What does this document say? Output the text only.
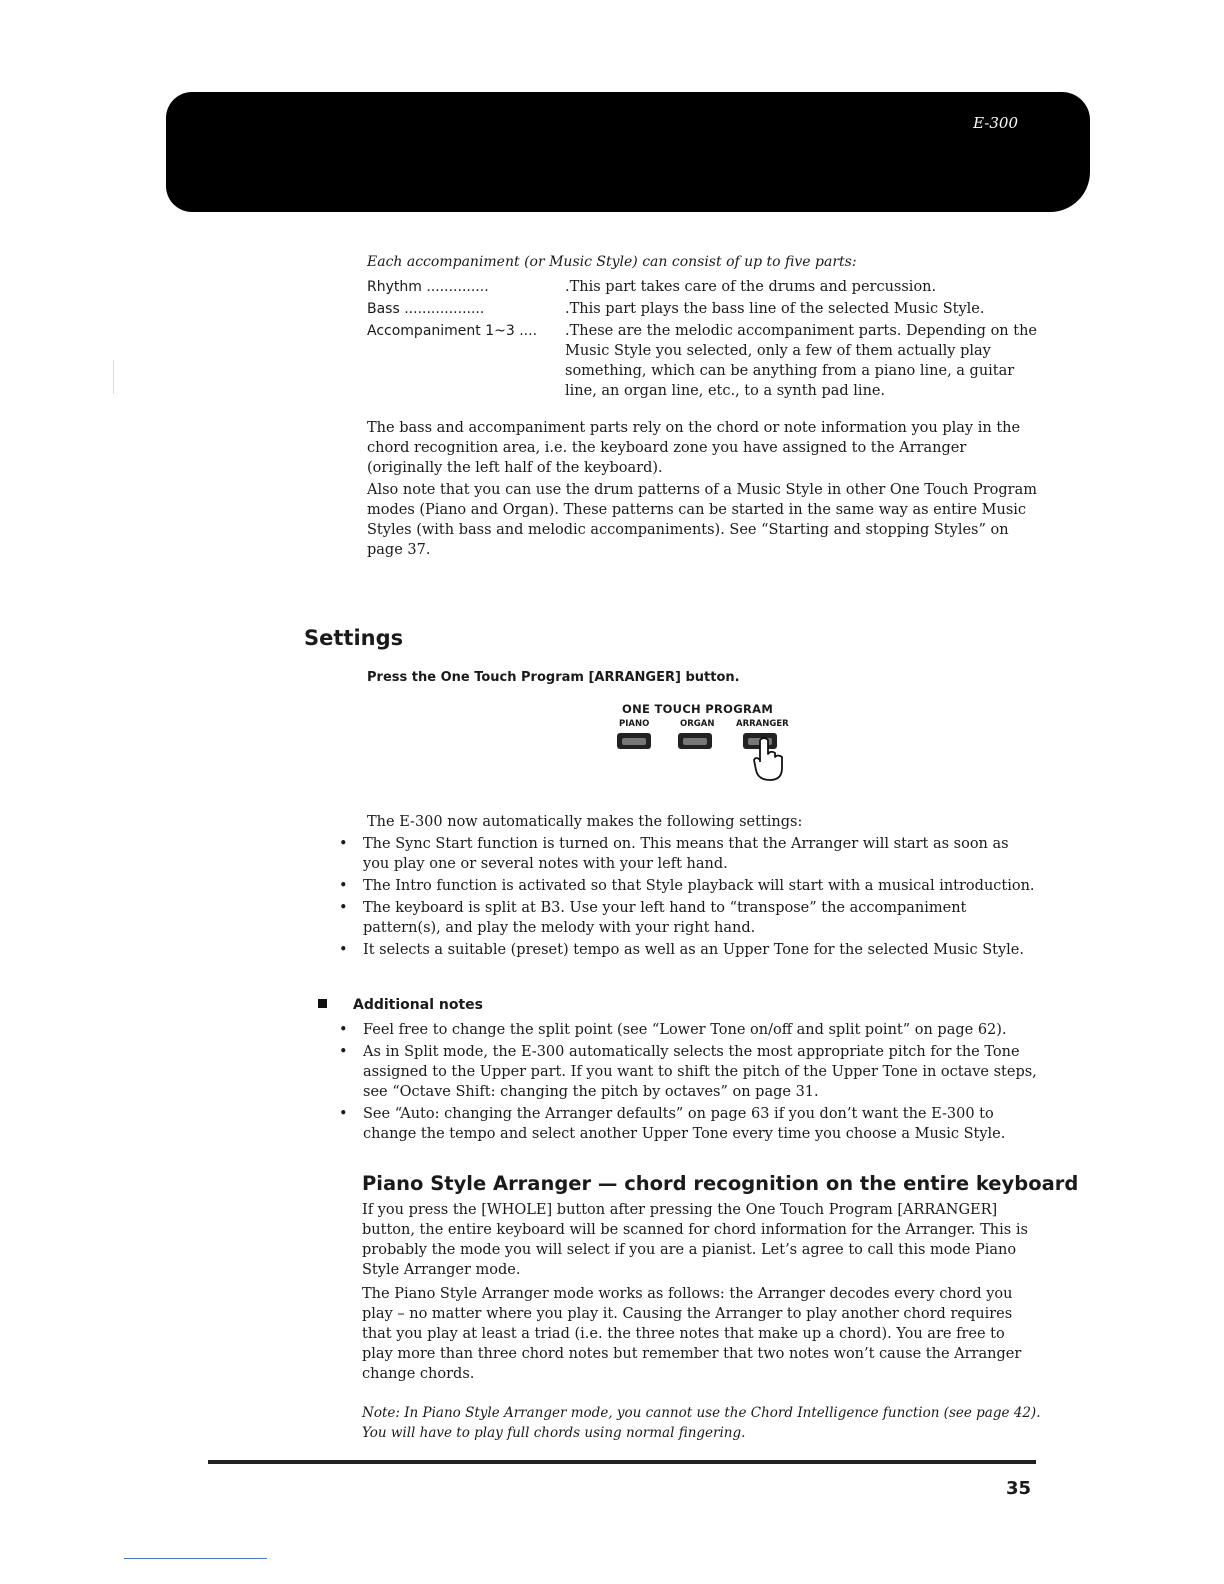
E-300
Each accompaniment (or Music Style) can consist of up to five parts:
Rhythm ..............	.This part takes care of the drums and percussion.
Bass ..................	.This part plays the bass line of the selected Music Style.
Accompaniment 1~3 ....	.These are the melodic accompaniment parts. Depending on the Music Style you selected, only a few of them actually play something, which can be anything from a piano line, a guitar line, an organ line, etc., to a synth pad line.

The bass and accompaniment parts rely on the chord or note information you play in the chord recognition area, i.e. the keyboard zone you have assigned to the Arranger (originally the left half of the keyboard).

Also note that you can use the drum patterns of a Music Style in other One Touch Program modes (Piano and Organ). These patterns can be started in the same way as entire Music Styles (with bass and melodic accompaniments). See “Starting and stopping Styles” on page 37.

Settings
Press the One Touch Program [ARRANGER] button.
ONE TOUCH PROGRAM
PIANO	ORGAN	ARRANGER

The E-300 now automatically makes the following settings:

• The Sync Start function is turned on. This means that the Arranger will start as soon as you play one or several notes with your left hand.
• The Intro function is activated so that Style playback will start with a musical introduction.
• The keyboard is split at B3. Use your left hand to “transpose” the accompaniment pattern(s), and play the melody with your right hand.
• It selects a suitable (preset) tempo as well as an Upper Tone for the selected Music Style.
Additional notes
• Feel free to change the split point (see “Lower Tone on/off and split point” on page 62).
• As in Split mode, the E-300 automatically selects the most appropriate pitch for the Tone assigned to the Upper part. If you want to shift the pitch of the Upper Tone in octave steps, see “Octave Shift: changing the pitch by octaves” on page 31.
• See “Auto: changing the Arranger defaults” on page 63 if you don’t want the E-300 to change the tempo and select another Upper Tone every time you choose a Music Style.
Piano Style Arranger — chord recognition on the entire keyboard

If you press the [WHOLE] button after pressing the One Touch Program [ARRANGER] button, the entire keyboard will be scanned for chord information for the Arranger. This is probably the mode you will select if you are a pianist. Let’s agree to call this mode Piano Style Arranger mode.

The Piano Style Arranger mode works as follows: the Arranger decodes every chord you play – no matter where you play it. Causing the Arranger to play another chord requires that you play at least a triad (i.e. the three notes that make up a chord). You are free to play more than three chord notes but remember that two notes won’t cause the Arranger change chords.

Note: In Piano Style Arranger mode, you cannot use the Chord Intelligence function (see page 42). You will have to play full chords using normal fingering.

35
